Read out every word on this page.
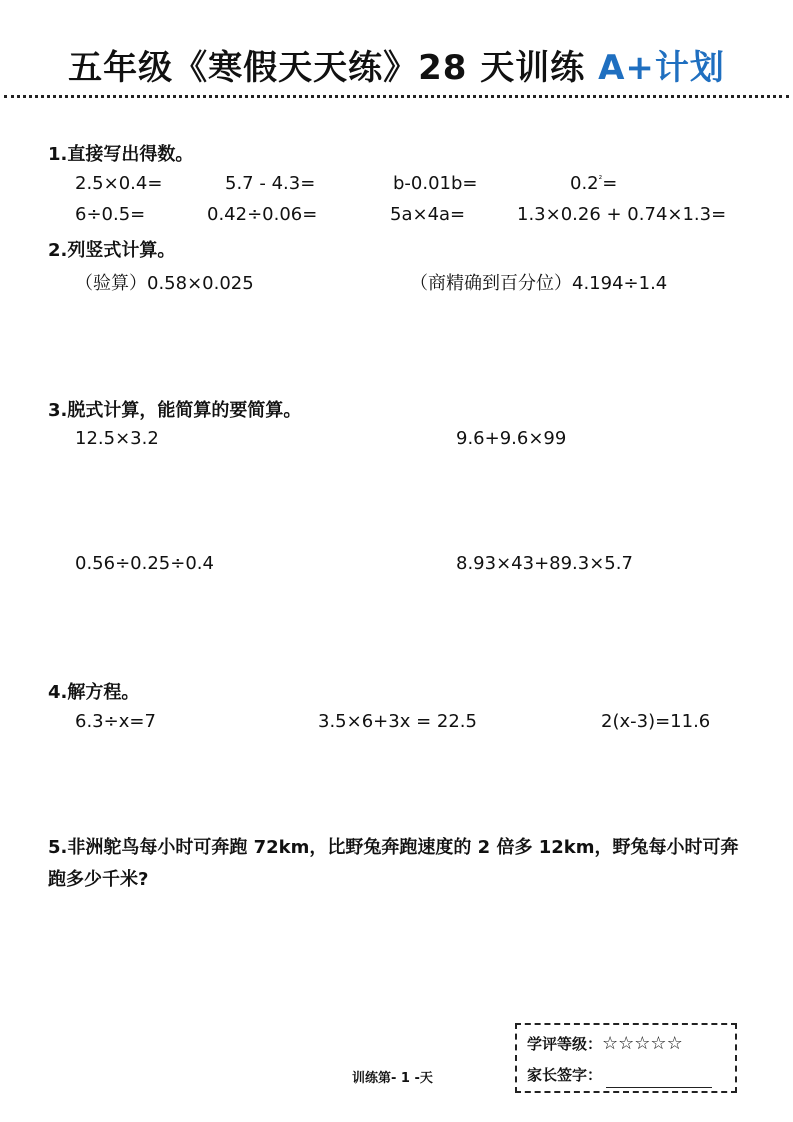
五年级《寒假天天练》28 天训练 A+计划
1.直接写出得数。
2.5×0.4=	5.7 - 4.3=	b-0.01b=	$0.2^{^2}=$
6÷0.5=	0.42÷0.06=	5a×4a=	1.3×0.26 + 0.74×1.3=
2.列竖式计算。
（验算）0.58×0.025	（商精确到百分位）4.194÷1.4
3.脱式计算，能简算的要简算。
12.5×3.2	9.6+9.6×99
0.56÷0.25÷0.4	8.93×43+89.3×5.7
4.解方程。
6.3÷x=7	3.5×6+3x = 22.5	2(x-3)=11.6
5.非洲鸵鸟每小时可奔跑 72km，比野兔奔跑速度的 2 倍多 12km，野兔每小时可奔跑多少千米?
训练第- 1 -天
学评等级：☆☆☆☆☆
家长签字：
